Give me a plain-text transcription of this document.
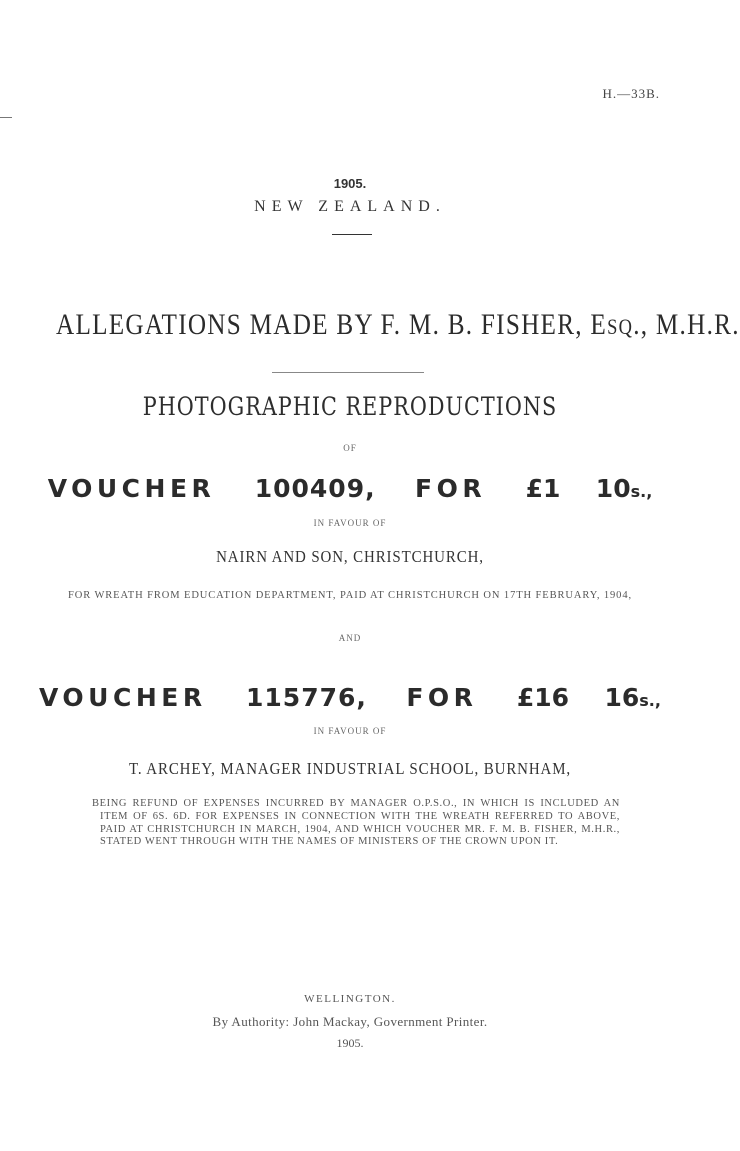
H.—33B.
1905.
NEW ZEALAND.
ALLEGATIONS MADE BY F. M. B. FISHER, ESQ., M.H.R.
PHOTOGRAPHIC REPRODUCTIONS
OF
VOUCHER 100409, FOR £1 10s.,
IN FAVOUR OF
NAIRN AND SON, CHRISTCHURCH,
FOR WREATH FROM EDUCATION DEPARTMENT, PAID AT CHRISTCHURCH ON 17TH FEBRUARY, 1904,
AND
VOUCHER 115776, FOR £16 16s.,
IN FAVOUR OF
T. ARCHEY, MANAGER INDUSTRIAL SCHOOL, BURNHAM,
BEING REFUND OF EXPENSES INCURRED BY MANAGER O.P.S.O., IN WHICH IS INCLUDED AN ITEM OF 6S. 6D. FOR EXPENSES IN CONNECTION WITH THE WREATH REFERRED TO ABOVE, PAID AT CHRISTCHURCH IN MARCH, 1904, AND WHICH VOUCHER MR. F. M. B. FISHER, M.H.R., STATED WENT THROUGH WITH THE NAMES OF MINISTERS OF THE CROWN UPON IT.
WELLINGTON.
By Authority: John Mackay, Government Printer.
1905.
